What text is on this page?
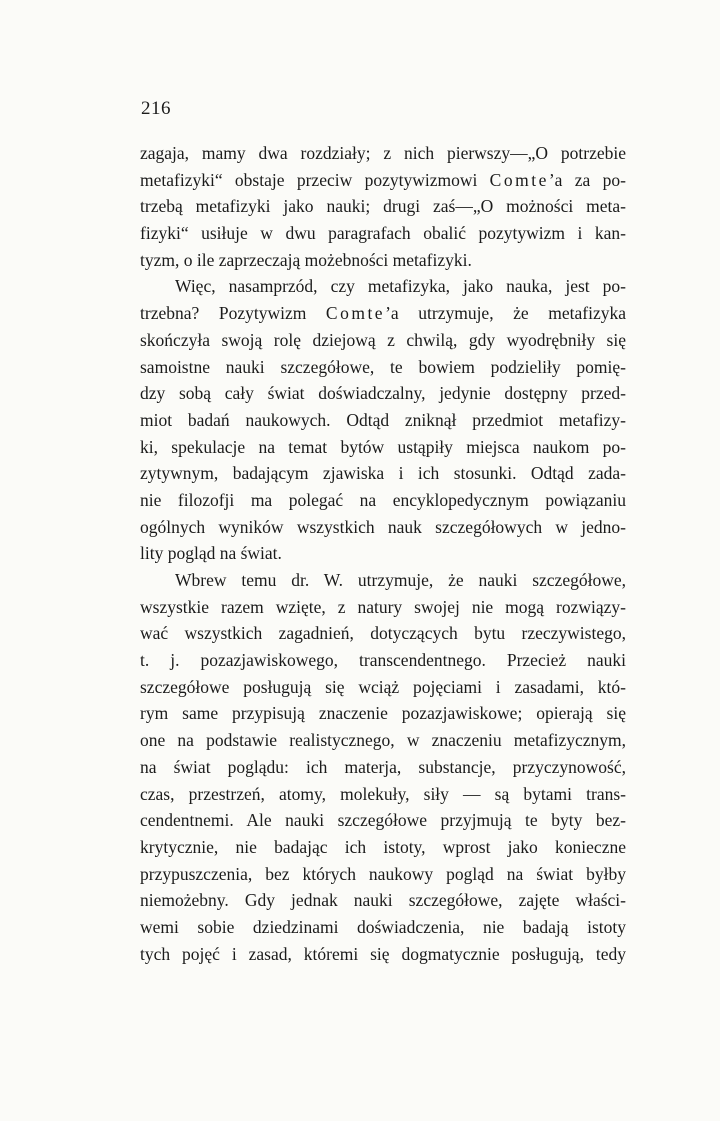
216
zagaja, mamy dwa rozdziały; z nich pierwszy—„O potrzebie
metafizyki“ obstaje przeciw pozytywizmowi Comte’a za po-
trzebą metafizyki jako nauki; drugi zaś—„O możności meta-
fizyki“ usiłuje w dwu paragrafach obalić pozytywizm i kan-
tyzm, o ile zaprzeczają możebności metafizyki.
Więc, nasamprzód, czy metafizyka, jako nauka, jest po-
trzebna? Pozytywizm Comte’a utrzymuje, że metafizyka
skończyła swoją rolę dziejową z chwilą, gdy wyodrębniły się
samoistne nauki szczegółowe, te bowiem podzieliły pomię-
dzy sobą cały świat doświadczalny, jedynie dostępny przed-
miot badań naukowych. Odtąd zniknął przedmiot metafizy-
ki, spekulacje na temat bytów ustąpiły miejsca naukom po-
zytywnym, badającym zjawiska i ich stosunki. Odtąd zada-
nie filozofji ma polegać na encyklopedycznym powiązaniu
ogólnych wyników wszystkich nauk szczegółowych w jedno-
lity pogląd na świat.
Wbrew temu dr. W. utrzymuje, że nauki szczegółowe,
wszystkie razem wzięte, z natury swojej nie mogą rozwiązy-
wać wszystkich zagadnień, dotyczących bytu rzeczywistego,
t. j. pozazjawiskowego, transcendentnego. Przecież nauki
szczegółowe posługują się wciąż pojęciami i zasadami, któ-
rym same przypisują znaczenie pozazjawiskowe; opierają się
one na podstawie realistycznego, w znaczeniu metafizycznym,
na świat poglądu: ich materja, substancje, przyczynowość,
czas, przestrzeń, atomy, molekuły, siły — są bytami trans-
cendentnemi. Ale nauki szczegółowe przyjmują te byty bez-
krytycznie, nie badając ich istoty, wprost jako konieczne
przypuszczenia, bez których naukowy pogląd na świat byłby
niemożebny. Gdy jednak nauki szczegółowe, zajęte właści-
wemi sobie dziedzinami doświadczenia, nie badają istoty
tych pojęć i zasad, któremi się dogmatycznie posługują, tedy
